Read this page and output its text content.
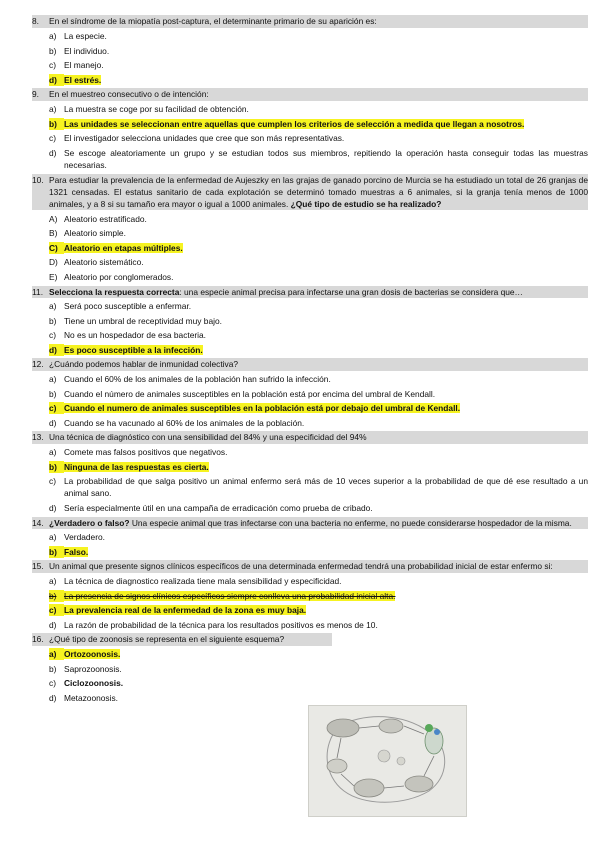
8.	En el síndrome de la miopatía post-captura, el determinante primario de su aparición es:
a) La especie.
b) El individuo.
c) El manejo.
d) El estrés.
9.	En el muestreo consecutivo o de intención:
a) La muestra se coge por su facilidad de obtención.
b) Las unidades se seleccionan entre aquellas que cumplen los criterios de selección a medida que llegan a nosotros.
c) El investigador selecciona unidades que cree que son más representativas.
d) Se escoge aleatoriamente un grupo y se estudian todos sus miembros, repitiendo la operación hasta conseguir todas las muestras necesarias.
10. Para estudiar la prevalencia de la enfermedad de Aujeszky en las grajas de ganado porcino de Murcia se ha estudiado un total de 26 granjas de 1321 censadas. El estatus sanitario de cada explotación se determinó tomado muestras a 6 animales, si la granja tenía menos de 1000 animales, y a 8 si su tamaño era mayor o igual a 1000 animales. ¿Qué tipo de estudio se ha realizado?
A) Aleatorio estratificado.
B) Aleatorio simple.
C) Aleatorio en etapas múltiples.
D) Aleatorio sistemático.
E) Aleatorio por conglomerados.
11. Selecciona la respuesta correcta: una especie animal precisa para infectarse una gran dosis de bacterias se considera que…
a) Será poco susceptible a enfermar.
b) Tiene un umbral de receptividad muy bajo.
c) No es un hospedador de esa bacteria.
d) Es poco susceptible a la infección.
12. ¿Cuándo podemos hablar de inmunidad colectiva?
a) Cuando el 60% de los animales de la población han sufrido la infección.
b) Cuando el número de animales susceptibles en la población está por encima del umbral de Kendall.
c) Cuando el numero de animales susceptibles en la población está por debajo del umbral de Kendall.
d) Cuando se ha vacunado al 60% de los animales de la población.
13. Una técnica de diagnóstico con una sensibilidad del 84% y una especificidad del 94%
a) Comete mas falsos positivos que negativos.
b) Ninguna de las respuestas es cierta.
c) La probabilidad de que salga positivo un animal enfermo será más de 10 veces superior a la probabilidad de que dé ese resultado a un animal sano.
d) Sería especialmente útil en una campaña de erradicación como prueba de cribado.
14. ¿Verdadero o falso? Una especie animal que tras infectarse con una bacteria no enferme, no puede considerarse hospedador de la misma.
a) Verdadero.
b) Falso.
15. Un animal que presente signos clínicos específicos de una determinada enfermedad tendrá una probabilidad inicial de estar enfermo si:
a) La técnica de diagnostico realizada tiene mala sensibilidad y especificidad.
b) La presencia de signos clínicos específicos siempre conlleva una probabilidad inicial alta.
c) La prevalencia real de la enfermedad de la zona es muy baja.
d) La razón de probabilidad de la técnica para los resultados positivos es menos de 10.
16. ¿Qué tipo de zoonosis se representa en el siguiente esquema?
a) Ortozoonosis.
b) Saprozoonosis.
c) Ciclozoonosis.
d) Metazoonosis.
